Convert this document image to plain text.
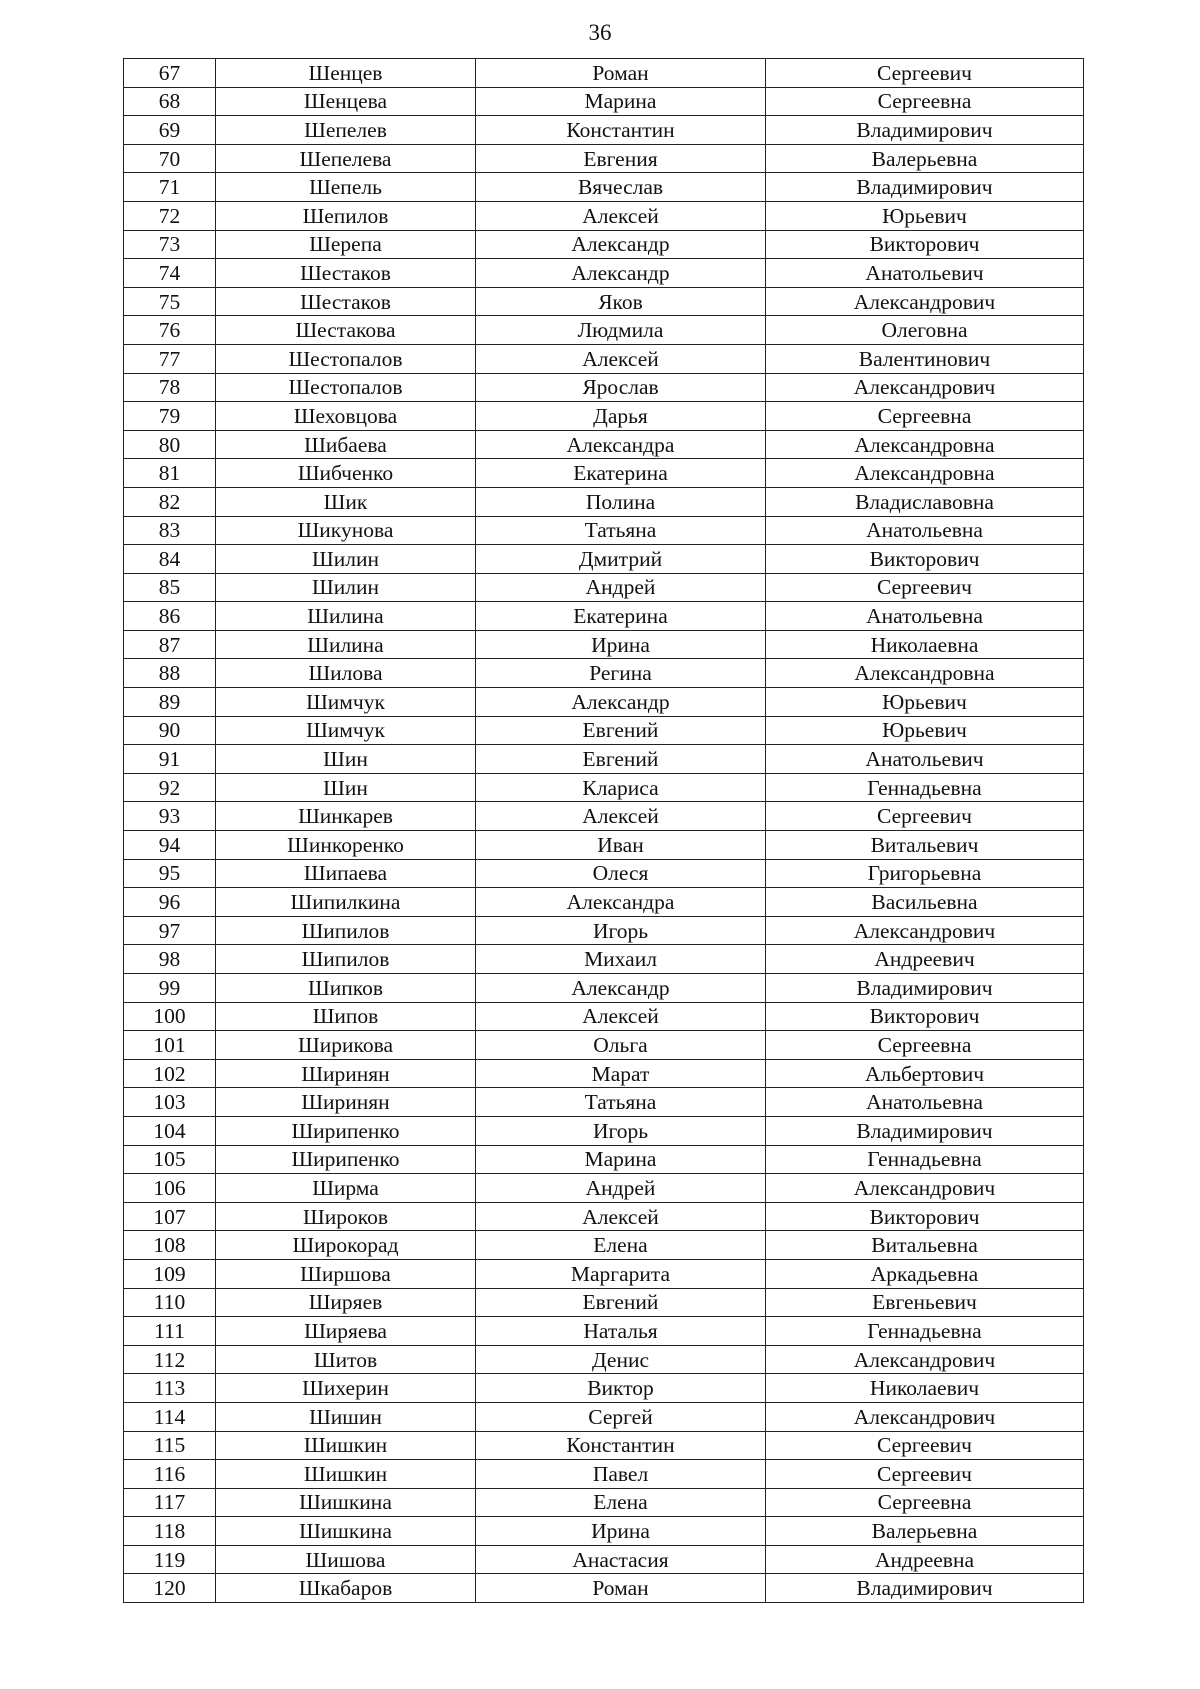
36
67	Шенцев	Роман	Сергеевич
68	Шенцева	Марина	Сергеевна
69	Шепелев	Константин	Владимирович
70	Шепелева	Евгения	Валерьевна
71	Шепель	Вячеслав	Владимирович
72	Шепилов	Алексей	Юрьевич
73	Шерепа	Александр	Викторович
74	Шестаков	Александр	Анатольевич
75	Шестаков	Яков	Александрович
76	Шестакова	Людмила	Олеговна
77	Шестопалов	Алексей	Валентинович
78	Шестопалов	Ярослав	Александрович
79	Шеховцова	Дарья	Сергеевна
80	Шибаева	Александра	Александровна
81	Шибченко	Екатерина	Александровна
82	Шик	Полина	Владиславовна
83	Шикунова	Татьяна	Анатольевна
84	Шилин	Дмитрий	Викторович
85	Шилин	Андрей	Сергеевич
86	Шилина	Екатерина	Анатольевна
87	Шилина	Ирина	Николаевна
88	Шилова	Регина	Александровна
89	Шимчук	Александр	Юрьевич
90	Шимчук	Евгений	Юрьевич
91	Шин	Евгений	Анатольевич
92	Шин	Клариса	Геннадьевна
93	Шинкарев	Алексей	Сергеевич
94	Шинкоренко	Иван	Витальевич
95	Шипаева	Олеся	Григорьевна
96	Шипилкина	Александра	Васильевна
97	Шипилов	Игорь	Александрович
98	Шипилов	Михаил	Андреевич
99	Шипков	Александр	Владимирович
100	Шипов	Алексей	Викторович
101	Ширикова	Ольга	Сергеевна
102	Ширинян	Марат	Альбертович
103	Ширинян	Татьяна	Анатольевна
104	Ширипенко	Игорь	Владимирович
105	Ширипенко	Марина	Геннадьевна
106	Ширма	Андрей	Александрович
107	Широков	Алексей	Викторович
108	Широкорад	Елена	Витальевна
109	Ширшова	Маргарита	Аркадьевна
110	Ширяев	Евгений	Евгеньевич
111	Ширяева	Наталья	Геннадьевна
112	Шитов	Денис	Александрович
113	Шихерин	Виктор	Николаевич
114	Шишин	Сергей	Александрович
115	Шишкин	Константин	Сергеевич
116	Шишкин	Павел	Сергеевич
117	Шишкина	Елена	Сергеевна
118	Шишкина	Ирина	Валерьевна
119	Шишова	Анастасия	Андреевна
120	Шкабаров	Роман	Владимирович
